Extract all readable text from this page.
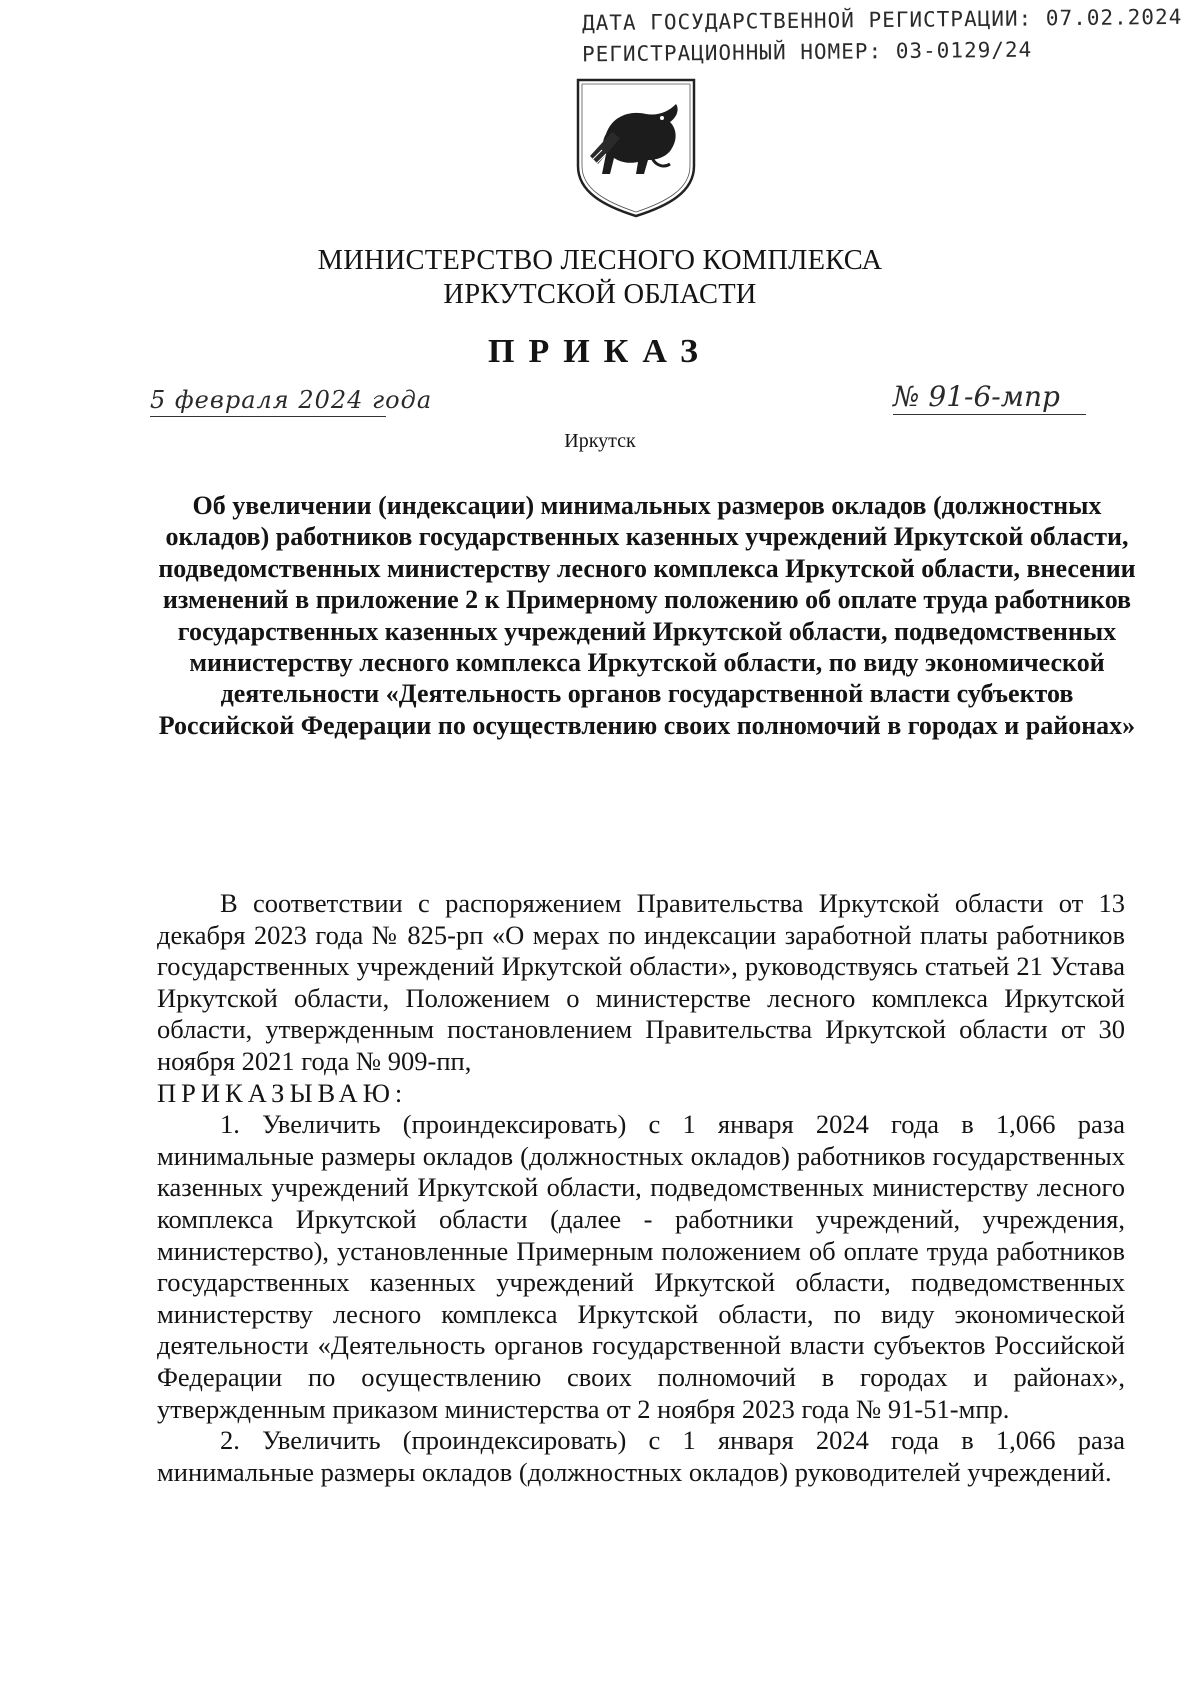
ДАТА ГОСУДАРСТВЕННОЙ РЕГИСТРАЦИИ: 07.02.2024
РЕГИСТРАЦИОННЫЙ НОМЕР: 03-0129/24
МИНИСТЕРСТВО ЛЕСНОГО КОМПЛЕКСА
ИРКУТСКОЙ ОБЛАСТИ
ПРИКАЗ
5 февраля 2024 года	№ 91-6-мпр
Иркутск
Об увеличении (индексации) минимальных размеров окладов (должностных окладов) работников государственных казенных учреждений Иркутской области, подведомственных министерству лесного комплекса Иркутской области, внесении изменений в приложение 2 к Примерному положению об оплате труда работников государственных казенных учреждений Иркутской области, подведомственных министерству лесного комплекса Иркутской области, по виду экономической деятельности «Деятельность органов государственной власти субъектов Российской Федерации по осуществлению своих полномочий в городах и районах»

В соответствии с распоряжением Правительства Иркутской области от 13 декабря 2023 года № 825-рп «О мерах по индексации заработной платы работников государственных учреждений Иркутской области», руководствуясь статьей 21 Устава Иркутской области, Положением о министерстве лесного комплекса Иркутской области, утвержденным постановлением Правительства Иркутской области от 30 ноября 2021 года № 909-пп,

ПРИКАЗЫВАЮ:

1. Увеличить (проиндексировать) с 1 января 2024 года в 1,066 раза минимальные размеры окладов (должностных окладов) работников государственных казенных учреждений Иркутской области, подведомственных министерству лесного комплекса Иркутской области (далее - работники учреждений, учреждения, министерство), установленные Примерным положением об оплате труда работников государственных казенных учреждений Иркутской области, подведомственных министерству лесного комплекса Иркутской области, по виду экономической деятельности «Деятельность органов государственной власти субъектов Российской Федерации по осуществлению своих полномочий в городах и районах», утвержденным приказом министерства от 2 ноября 2023 года № 91-51-мпр.

2. Увеличить (проиндексировать) с 1 января 2024 года в 1,066 раза минимальные размеры окладов (должностных окладов) руководителей учреждений.
